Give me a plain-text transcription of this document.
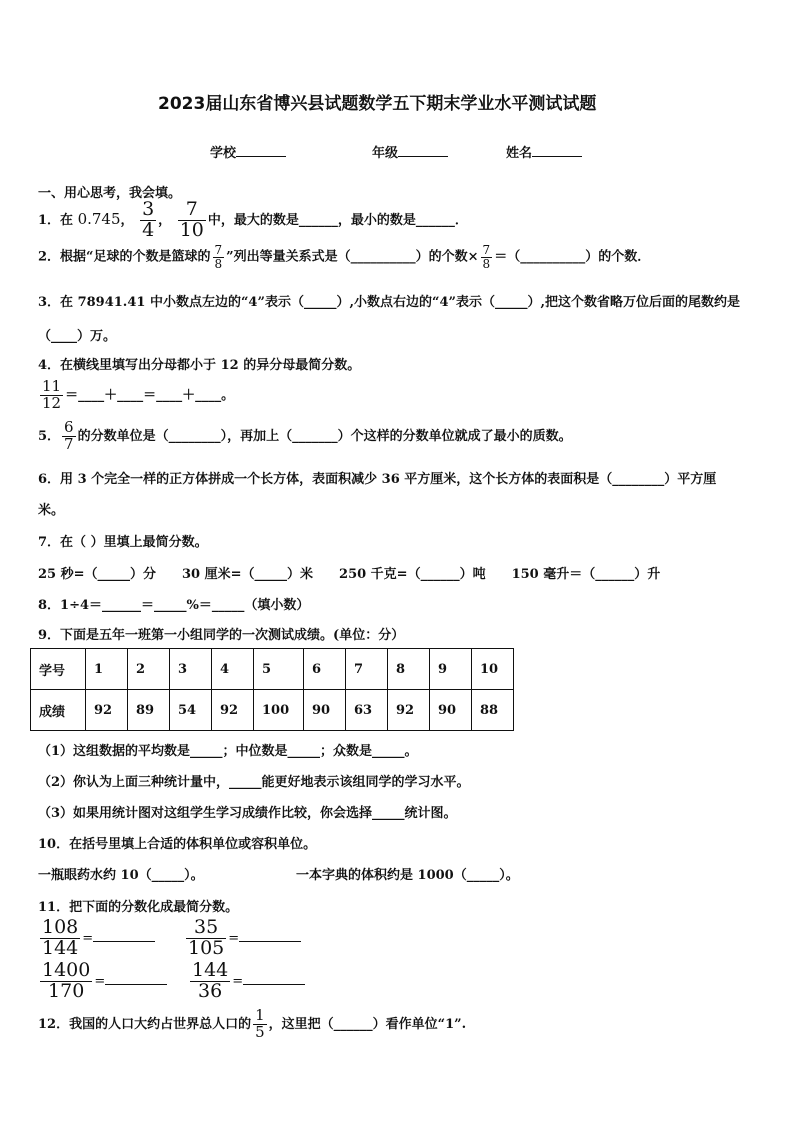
2023届山东省博兴县试题数学五下期末学业水平测试试题
学校	年级	姓名
一、用心思考，我会填。
1．在 0.745， $\frac{3}{4}$ ， $\frac{7}{10}$ 中，最大的数是______，最小的数是______．
2．根据“足球的个数是篮球的 $\frac{7}{8}$ ”列出等量关系式是（__________）的个数× $\frac{7}{8}$ ＝（__________）的个数．
3．在 78941.41 中小数点左边的“4”表示（_____）,小数点右边的“4”表示（_____）,把这个数省略万位后面的尾数约是
（____）万。
4．在横线里填写出分母都小于 12 的异分母最简分数。
$\frac{11}{12}$ ＝____＋____＝____＋____。
5． $\frac{6}{7}$ 的分数单位是（________），再加上（_______）个这样的分数单位就成了最小的质数。
6．用 3 个完全一样的正方体拼成一个长方体，表面积减少 36 平方厘米，这个长方体的表面积是（________）平方厘
米。
7．在（ ）里填上最简分数。
25 秒=（_____）分　　30 厘米=（_____）米　　250 千克=（______）吨　　150 毫升＝（______）升
8．1÷4＝______＝_____%＝_____（填小数）
9．下面是五年一班第一小组同学的一次测试成绩。(单位：分）
学号	1	2	3	4	5	6	7	8	9	10
成绩	92	89	54	92	100	90	63	92	90	88
（1）这组数据的平均数是_____；中位数是_____；众数是_____。
（2）你认为上面三种统计量中，_____能更好地表示该组同学的学习水平。
（3）如果用统计图对这组学生学习成绩作比较，你会选择_____统计图。
10．在括号里填上合适的体积单位或容积单位。
一瓶眼药水约 10（_____）。	一本字典的体积约是 1000（_____）。
11．把下面的分数化成最简分数。
$\frac{108}{144}$ =	$\frac{35}{105}$ =
$\frac{1400}{170}$ =	$\frac{144}{36}$ =
12．我国的人口大约占世界总人口的 $\frac{1}{5}$ ，这里把（______）看作单位“1”.
